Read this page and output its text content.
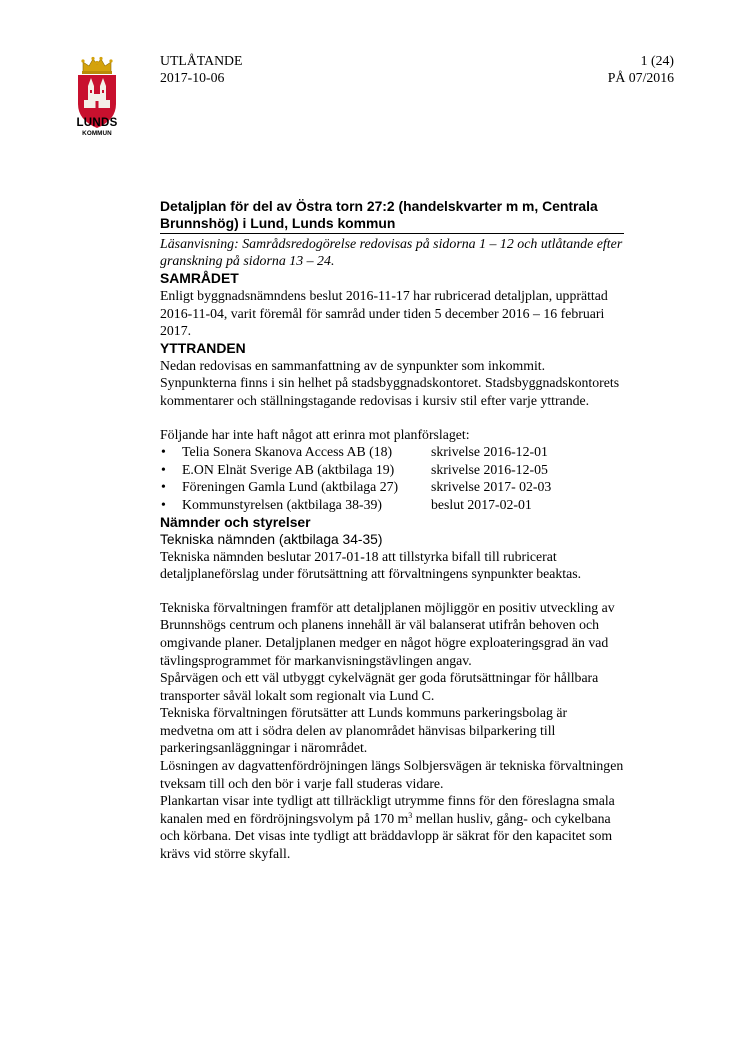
LUNDS
KOMMUN
UTLÅTANDE
2017-10-06
1 (24)
PÅ 07/2016
Detaljplan för del av Östra torn 27:2 (handelskvarter m m, Centrala Brunnshög) i Lund, Lunds kommun
Läsanvisning: Samrådsredogörelse redovisas på sidorna 1 – 12 och utlåtande efter granskning på sidorna 13 – 24.
SAMRÅDET

Enligt byggnadsnämndens beslut 2016-11-17 har rubricerad detaljplan, upprättad 2016-11-04, varit föremål för samråd under tiden 5 december 2016 – 16 februari 2017.

YTTRANDEN

Nedan redovisas en sammanfattning av de synpunkter som inkommit. Synpunkterna finns i sin helhet på stadsbyggnadskontoret. Stadsbyggnadskontorets kommentarer och ställningstagande redovisas i kursiv stil efter varje yttrande.

Följande har inte haft något att erinra mot planförslaget:

• Telia Sonera Skanova Access AB (18)	skrivelse 2016-12-01
• E.ON Elnät Sverige AB (aktbilaga 19)	skrivelse 2016-12-05
• Föreningen Gamla Lund (aktbilaga 27) skrivelse 2017- 02-03
• Kommunstyrelsen (aktbilaga 38-39)	beslut 2017-02-01
Nämnder och styrelser
Tekniska nämnden (aktbilaga 34-35)

Tekniska nämnden beslutar 2017-01-18 att tillstyrka bifall till rubricerat detaljplaneförslag under förutsättning att förvaltningens synpunkter beaktas.

Tekniska förvaltningen framför att detaljplanen möjliggör en positiv utveckling av Brunnshögs centrum och planens innehåll är väl balanserat utifrån behoven och omgivande planer. Detaljplanen medger en något högre exploateringsgrad än vad tävlingsprogrammet för markanvisningstävlingen angav.

Spårvägen och ett väl utbyggt cykelvägnät ger goda förutsättningar för hållbara transporter såväl lokalt som regionalt via Lund C.

Tekniska förvaltningen förutsätter att Lunds kommuns parkeringsbolag är medvetna om att i södra delen av planområdet hänvisas bilparkering till parkeringsanläggningar i närområdet.

Lösningen av dagvattenfördröjningen längs Solbjersvägen är tekniska förvaltningen tveksam till och den bör i varje fall studeras vidare.

Plankartan visar inte tydligt att tillräckligt utrymme finns för den föreslagna smala kanalen med en fördröjningsvolym på 170 $m^3$ mellan husliv, gång- och cykelbana och körbana. Det visas inte tydligt att bräddavlopp är säkrat för den kapacitet som krävs vid större skyfall.
